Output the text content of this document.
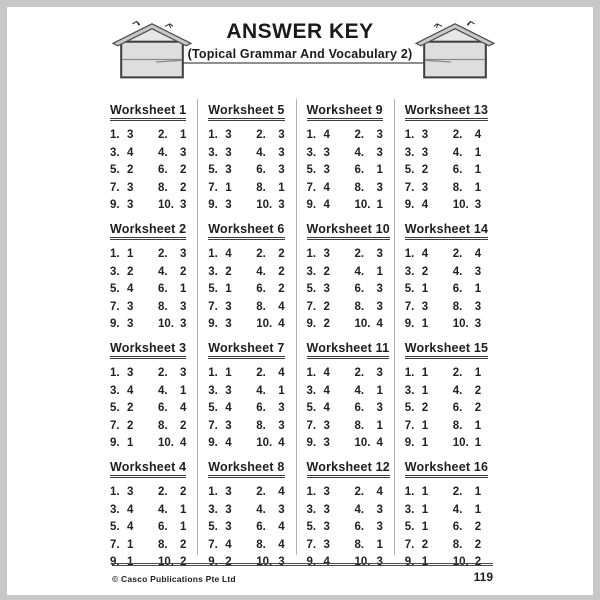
ANSWER KEY
(Topical Grammar And Vocabulary 2)
Worksheet 1
1. 3	2.	1
3. 4	4.	3
5. 2	6.	2
7. 3	8.	2
9. 3	10. 3
Worksheet 2
1. 1	2.	3
3. 2	4.	2
5. 4	6.	1
7. 3	8.	3
9. 3	10. 3
Worksheet 3
1. 3	2.	3
3. 4	4.	1
5. 2	6.	4
7. 2	8.	2
9. 1	10. 4
Worksheet 4
1. 3	2.	2
3. 4	4.	1
5. 4	6.	1
7. 1	8.	2
9. 1	10. 2
Worksheet 5
1. 3	2.	3
3. 3	4.	3
5. 3	6.	3
7. 1	8.	1
9. 3	10. 3
Worksheet 6
1. 4	2.	2
3. 2	4.	2
5. 1	6.	2
7. 3	8.	4
9. 3	10. 4
Worksheet 7
1. 1	2.	4
3. 3	4.	1
5. 4	6.	3
7. 3	8.	3
9. 4	10. 4
Worksheet 8
1. 3	2.	4
3. 3	4.	3
5. 3	6.	4
7. 4	8.	4
9. 2	10. 3
Worksheet 9
1. 4	2.	3
3. 3	4.	3
5. 3	6.	1
7. 4	8.	3
9. 4	10. 1
Worksheet 10
1. 3	2.	3
3. 2	4.	1
5. 3	6.	3
7. 2	8.	3
9. 2	10. 4
Worksheet 11
1. 4	2.	3
3. 4	4.	1
5. 4	6.	3
7. 3	8.	1
9. 3	10. 4
Worksheet 12
1. 3	2.	4
3. 3	4.	3
5. 3	6.	3
7. 3	8.	1
9. 4	10. 3
Worksheet 13
1. 3	2.	4
3. 3	4.	1
5. 2	6.	1
7. 3	8.	1
9. 4	10. 3
Worksheet 14
1. 4	2.	4
3. 2	4.	3
5. 1	6.	1
7. 3	8.	3
9. 1	10. 3
Worksheet 15
1. 1	2.	1
3. 1	4.	2
5. 2	6.	2
7. 1	8.	1
9. 1	10. 1
Worksheet 16
1. 1	2.	1
3. 1	4.	1
5. 1	6.	2
7. 2	8.	2
9. 1	10. 2
© Casco Publications Pte Ltd	119
